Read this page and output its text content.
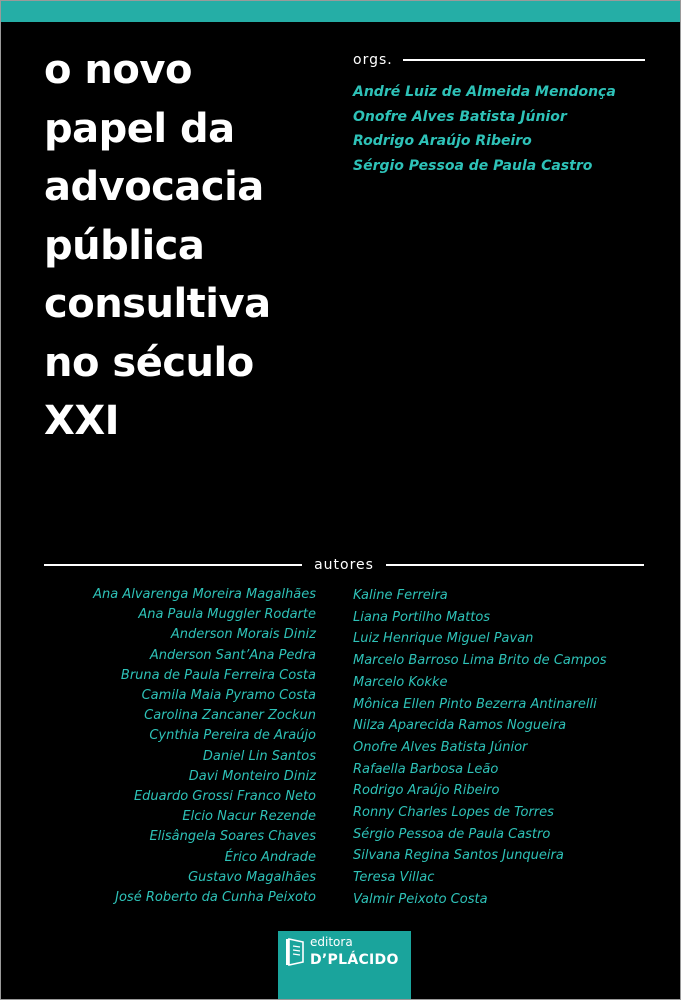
o novo
papel da
advocacia
pública
consultiva
no século
XXI
orgs.
André Luiz de Almeida Mendonça
Onofre Alves Batista Júnior
Rodrigo Araújo Ribeiro
Sérgio Pessoa de Paula Castro
autores
Ana Alvarenga Moreira Magalhães
Ana Paula Muggler Rodarte
Anderson Morais Diniz
Anderson Sant’Ana Pedra
Bruna de Paula Ferreira Costa
Camila Maia Pyramo Costa
Carolina Zancaner Zockun
Cynthia Pereira de Araújo
Daniel Lin Santos
Davi Monteiro Diniz
Eduardo Grossi Franco Neto
Elcio Nacur Rezende
Elisângela Soares Chaves
Érico Andrade
Gustavo Magalhães
José Roberto da Cunha Peixoto
Kaline Ferreira
Liana Portilho Mattos
Luiz Henrique Miguel Pavan
Marcelo Barroso Lima Brito de Campos
Marcelo Kokke
Mônica Ellen Pinto Bezerra Antinarelli
Nilza Aparecida Ramos Nogueira
Onofre Alves Batista Júnior
Rafaella Barbosa Leão
Rodrigo Araújo Ribeiro
Ronny Charles Lopes de Torres
Sérgio Pessoa de Paula Castro
Silvana Regina Santos Junqueira
Teresa Villac
Valmir Peixoto Costa
editora
D’PLÁCIDO
